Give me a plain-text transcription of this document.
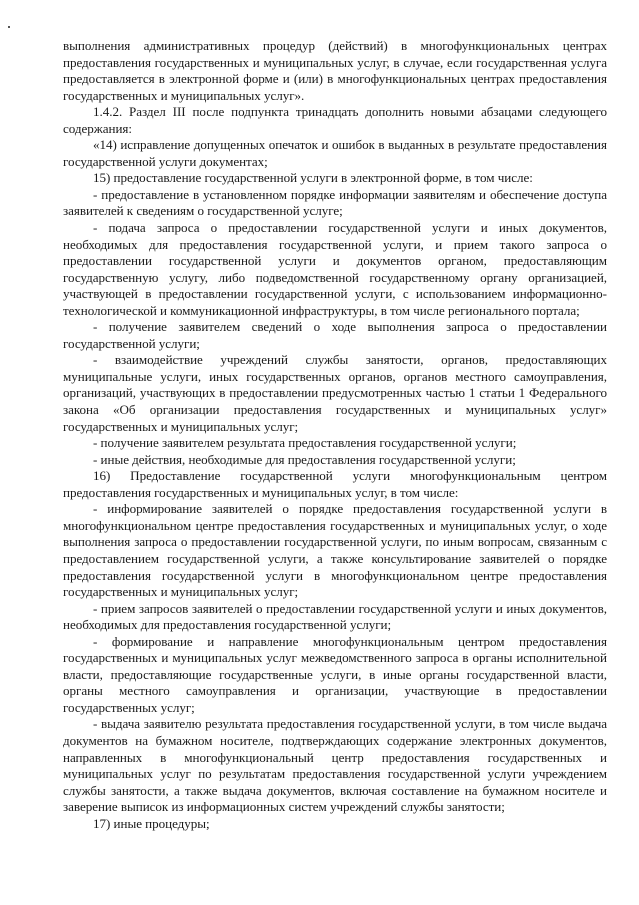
выполнения административных процедур (действий) в многофункциональных центрах предоставления государственных и муниципальных услуг, в случае, если государственная услуга предоставляется в электронной форме и (или) в многофункциональных центрах предоставления государственных и муниципальных услуг».

1.4.2. Раздел III после подпункта тринадцать дополнить новыми абзацами следующего содержания:

«14) исправление допущенных опечаток и ошибок в выданных в результате предоставления государственной услуги документах;

15) предоставление государственной услуги в электронной форме, в том числе:

- предоставление в установленном порядке информации заявителям и обеспечение доступа заявителей к сведениям о государственной услуге;

- подача запроса о предоставлении государственной услуги и иных документов, необходимых для предоставления государственной услуги, и прием такого запроса о предоставлении государственной услуги и документов органом, предоставляющим государственную услугу, либо подведомственной государственному органу организацией, участвующей в предоставлении государственной услуги, с использованием информационно-технологической и коммуникационной инфраструктуры, в том числе регионального портала;

- получение заявителем сведений о ходе выполнения запроса о предоставлении государственной услуги;

- взаимодействие учреждений службы занятости, органов, предоставляющих муниципальные услуги, иных государственных органов, органов местного самоуправления, организаций, участвующих в предоставлении предусмотренных частью 1 статьи 1 Федерального закона «Об организации предоставления государственных и муниципальных услуг» государственных и муниципальных услуг;

- получение заявителем результата предоставления государственной услуги;

- иные действия, необходимые для предоставления государственной услуги;

16) Предоставление государственной услуги многофункциональным центром предоставления государственных и муниципальных услуг, в том числе:

- информирование заявителей о порядке предоставления государственной услуги в многофункциональном центре предоставления государственных и муниципальных услуг, о ходе выполнения запроса о предоставлении государственной услуги, по иным вопросам, связанным с предоставлением государственной услуги, а также консультирование заявителей о порядке предоставления государственной услуги в многофункциональном центре предоставления государственных и муниципальных услуг;

- прием запросов заявителей о предоставлении государственной услуги и иных документов, необходимых для предоставления государственной услуги;

- формирование и направление многофункциональным центром предоставления государственных и муниципальных услуг межведомственного запроса в органы исполнительной власти, предоставляющие государственные услуги, в иные органы государственной власти, органы местного самоуправления и организации, участвующие в предоставлении государственных услуг;

- выдача заявителю результата предоставления государственной услуги, в том числе выдача документов на бумажном носителе, подтверждающих содержание электронных документов, направленных в многофункциональный центр предоставления государственных и муниципальных услуг по результатам предоставления государственной услуги учреждением службы занятости, а также выдача документов, включая составление на бумажном носителе и заверение выписок из информационных систем учреждений службы занятости;

17) иные процедуры;
